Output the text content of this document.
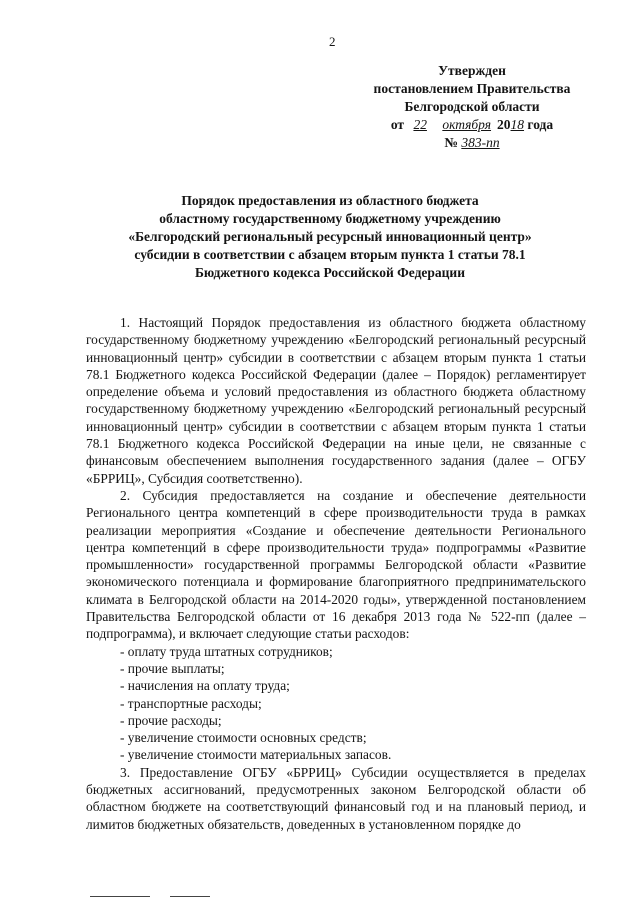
2
Утвержден
постановлением Правительства
Белгородской области
от 22 октября 2018 года
№ 383-пп
Порядок предоставления из областного бюджета
областному государственному бюджетному учреждению
«Белгородский региональный ресурсный инновационный центр»
субсидии в соответствии с абзацем вторым пункта 1 статьи 78.1
Бюджетного кодекса Российской Федерации

1. Настоящий Порядок предоставления из областного бюджета областному государственному бюджетному учреждению «Белгородский региональный ресурсный инновационный центр» субсидии в соответствии с абзацем вторым пункта 1 статьи 78.1 Бюджетного кодекса Российской Федерации (далее – Порядок) регламентирует определение объема и условий предоставления из областного бюджета областному государственному бюджетному учреждению «Белгородский региональный ресурсный инновационный центр» субсидии в соответствии с абзацем вторым пункта 1 статьи 78.1 Бюджетного кодекса Российской Федерации на иные цели, не связанные с финансовым обеспечением выполнения государственного задания (далее – ОГБУ «БРРИЦ», Субсидия соответственно).

2. Субсидия предоставляется на создание и обеспечение деятельности Регионального центра компетенций в сфере производительности труда в рамках реализации мероприятия «Создание и обеспечение деятельности Регионального центра компетенций в сфере производительности труда» подпрограммы «Развитие промышленности» государственной программы Белгородской области «Развитие экономического потенциала и формирование благоприятного предпринимательского климата в Белгородской области на 2014-2020 годы», утвержденной постановлением Правительства Белгородской области от 16 декабря 2013 года № 522-пп (далее – подпрограмма), и включает следующие статьи расходов:

- оплату труда штатных сотрудников;
- прочие выплаты;
- начисления на оплату труда;
- транспортные расходы;
- прочие расходы;
- увеличение стоимости основных средств;
- увеличение стоимости материальных запасов.

3. Предоставление ОГБУ «БРРИЦ» Субсидии осуществляется в пределах бюджетных ассигнований, предусмотренных законом Белгородской области об областном бюджете на соответствующий финансовый год и на плановый период, и лимитов бюджетных обязательств, доведенных в установленном порядке до
